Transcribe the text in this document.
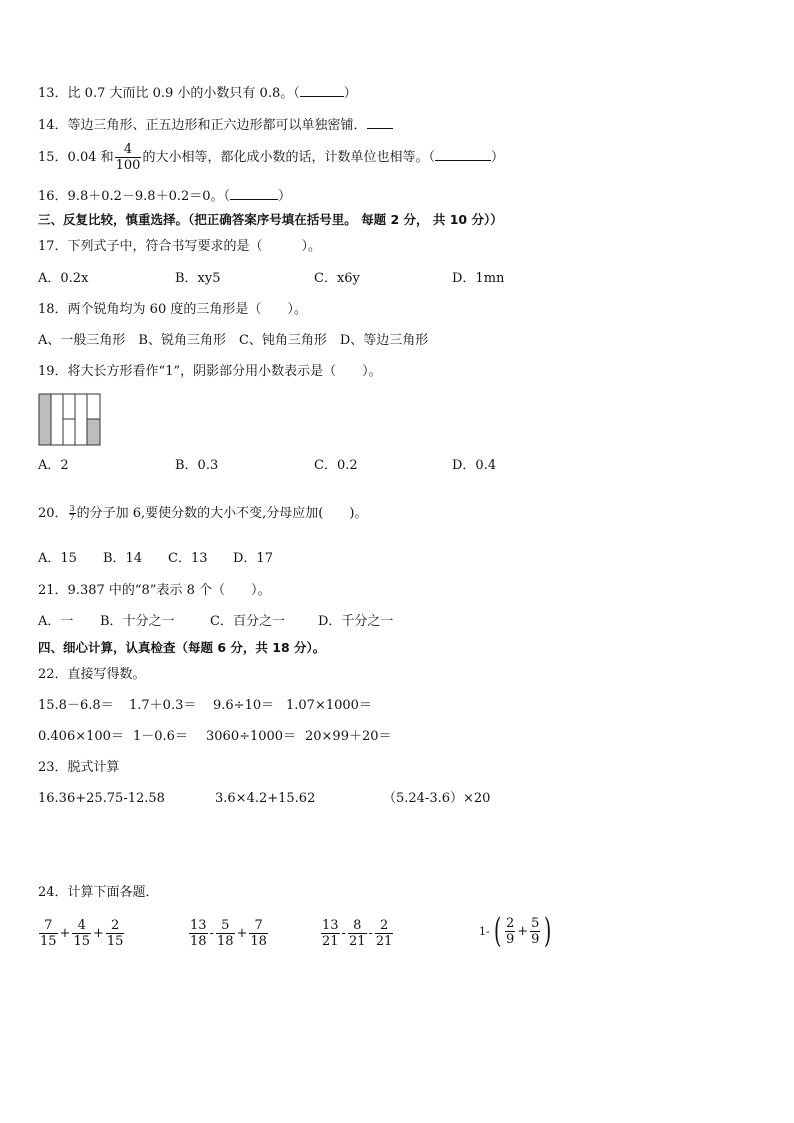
13．比 0.7 大而比 0.9 小的小数只有 0.8。（	）
14．等边三角形、正五边形和正六边形都可以单独密铺．
15．0.04 和 $\frac{4}{100}$ 的大小相等，都化成小数的话，计数单位也相等。（	）
16．9.8＋0.2－9.8＋0.2＝0。（	）
三、反复比较，慎重选择。（把正确答案序号填在括号里。 每题 2 分， 共 10 分））
17．下列式子中，符合书写要求的是（　　　）。
A．0.2x	B．xy5	C．x6y	D．1mn
18．两个锐角均为 60 度的三角形是（　　）。
A、一般三角形　B、锐角三角形　C、钝角三角形　D、等边三角形
19．将大长方形看作“1”，阴影部分用小数表示是（　　）。
A．2	B．0.3	C．0.2	D．0.4
20． $\frac{3}{7}$ 的分子加 6,要使分数的大小不变,分母应加(　　)。
A．15 B．14 C．13 D．17
21．9.387 中的“8”表示 8 个（　　）。
A．一 B．十分之一	C．百分之一	D．千分之一
四、细心计算，认真检查（每题 6 分，共 18 分）。
22．直接写得数。
15.8－6.8＝ 1.7＋0.3＝ 9.6÷10＝ 1.07×1000＝
0.406×100＝ 1－0.6＝ 3060÷1000＝ 20×99＋20＝
23．脱式计算
16.36+25.75-12.58	3.6×4.2+15.62	（5.24-3.6）×20
24．计算下面各题．
$\frac{7}{15} + \frac{4}{15} + \frac{2}{15}$	$\frac{13}{18} - \frac{5}{18} + \frac{7}{18}$	$\frac{13}{21} - \frac{8}{21} - \frac{2}{21}$	1- ( $\frac{2}{9} + \frac{5}{9}$ )
